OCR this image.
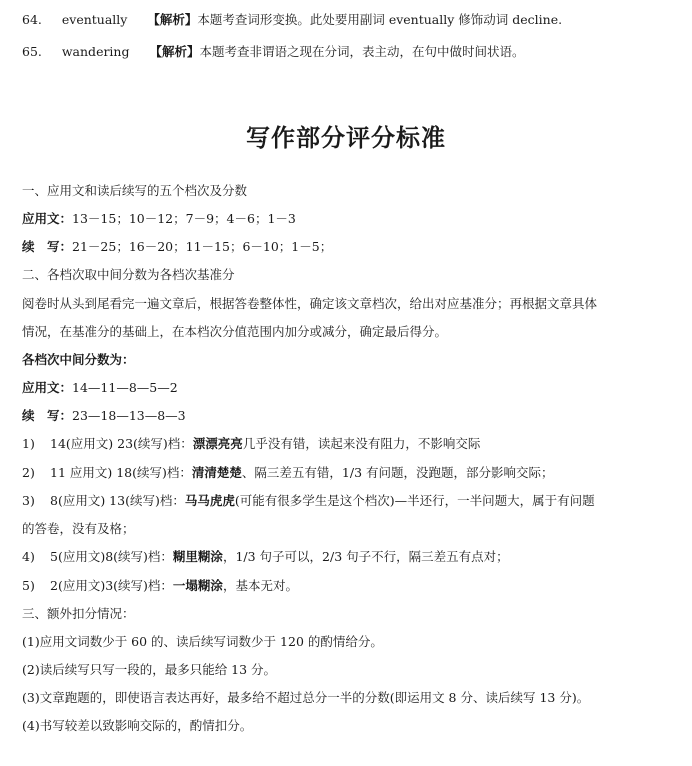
64. eventually 【解析】本题考查词形变换。此处要用副词 eventually 修饰动词 decline.
65. wandering 【解析】本题考查非谓语之现在分词，表主动，在句中做时间状语。
写作部分评分标准
一、应用文和读后续写的五个档次及分数
应用文：13－15；10－12；7－9；4－6；1－3
续　写：21－25；16－20；11－15；6－10；1－5；
二、各档次取中间分数为各档次基准分
阅卷时从头到尾看完一遍文章后，根据答卷整体性，确定该文章档次，给出对应基准分；再根据文章具体
情况，在基准分的基础上，在本档次分值范围内加分或减分，确定最后得分。
各档次中间分数为：
应用文：14—11—8—5—2
续　写：23—18—13—8—3
1) 14(应用文) 23(续写)档：漂漂亮亮几乎没有错，读起来没有阻力，不影响交际
2) 11 应用文) 18(续写)档：清清楚楚、隔三差五有错，1/3 有问题，没跑题，部分影响交际；
3) 8(应用文) 13(续写)档：马马虎虎(可能有很多学生是这个档次)—半还行，一半问题大，属于有问题
的答卷，没有及格；
4) 5(应用文)8(续写)档：糊里糊涂，1/3 句子可以，2/3 句子不行，隔三差五有点对；
5) 2(应用文)3(续写)档：一塌糊涂，基本无对。
三、额外扣分情况：
(1)应用文词数少于 60 的、读后续写词数少于 120 的酌情给分。
(2)读后续写只写一段的，最多只能给 13 分。
(3)文章跑题的，即使语言表达再好，最多给不超过总分一半的分数(即运用文 8 分、读后续写 13 分)。
(4)书写较差以致影响交际的，酌情扣分。
